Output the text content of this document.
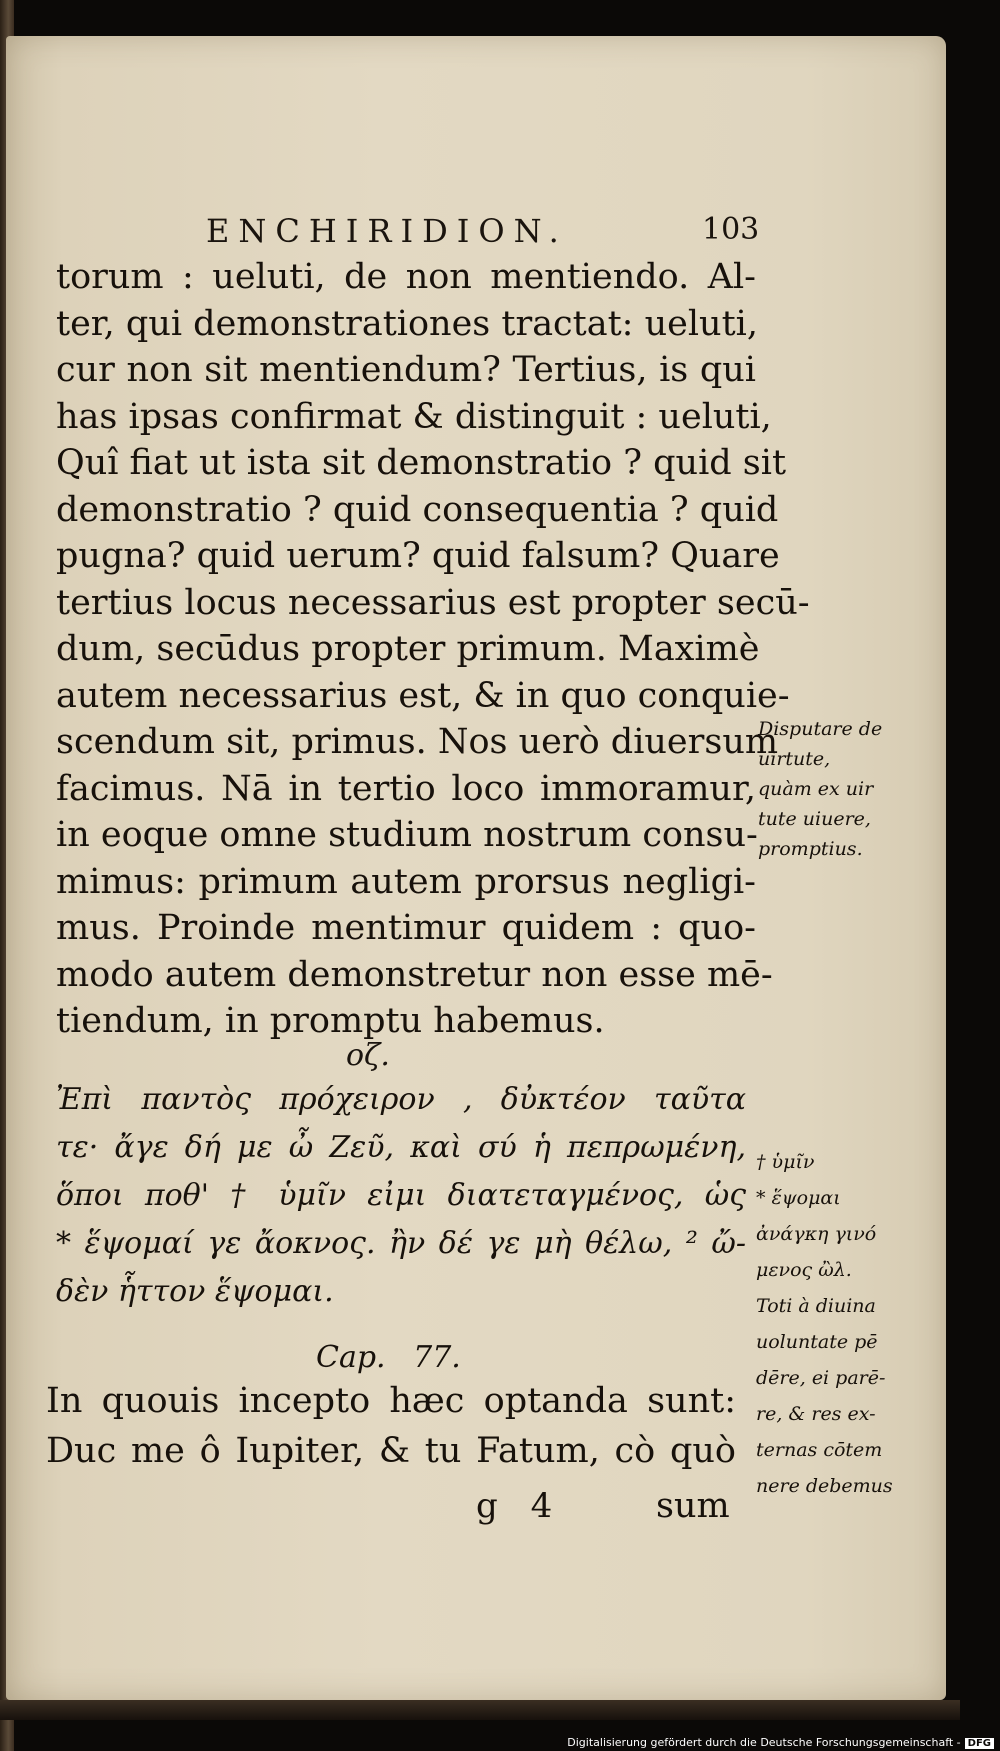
ENCHIRIDION.	103
torum : ueluti, de non mentiendo. Al-
ter, qui demonstrationes tractat: ueluti,
cur non sit mentiendum? Tertius, is qui
has ipsas confirmat & distinguit : ueluti,
Quî fiat ut ista sit demonstratio ? quid sit
demonstratio ? quid consequentia ? quid
pugna? quid uerum? quid falsum? Quare
tertius locus necessarius est propter secū-
dum, secūdus propter primum. Maximè
autem necessarius est, & in quo conquie-
scendum sit, primus. Nos uerò diuersum
facimus. Nā in tertio loco immoramur,
in eoque omne studium nostrum consu-
mimus: primum autem prorsus negligi-
mus. Proinde mentimur quidem : quo-
modo autem demonstretur non esse mē-
tiendum, in promptu habemus.
Disputare de
uirtute,
quàm ex uir
tute uiuere,
promptius.
οζ.
Ἐπὶ παντὸς πρόχειρον , δὐκτέον ταῦτα
τε· ἄγε δή με ὦ Ζεῦ, καὶ σύ ἡ πεπρωμένη,
ὅποι ποθ' † ὑμῖν εἰμι διατεταγμένος, ὡς
* ἕψομαί γε ἄοκνος. ἢν δέ γε μὴ θέλω, ² ὤ-
δὲν ἧττον ἕψομαι.
† ὑμῖν
* ἕψομαι
ἀνάγκη γινό
μενος ὢλ.
Toti à diuina
uoluntate pē
dēre, ei parē-
re, & res ex-
ternas cōtem
nere debemus
Cap. 77.
In quouis incepto hæc optanda sunt:
Duc me ô Iupiter, & tu Fatum, cò quò
g 4	sum
Digitalisierung gefördert durch die Deutsche Forschungsgemeinschaft - DFG
